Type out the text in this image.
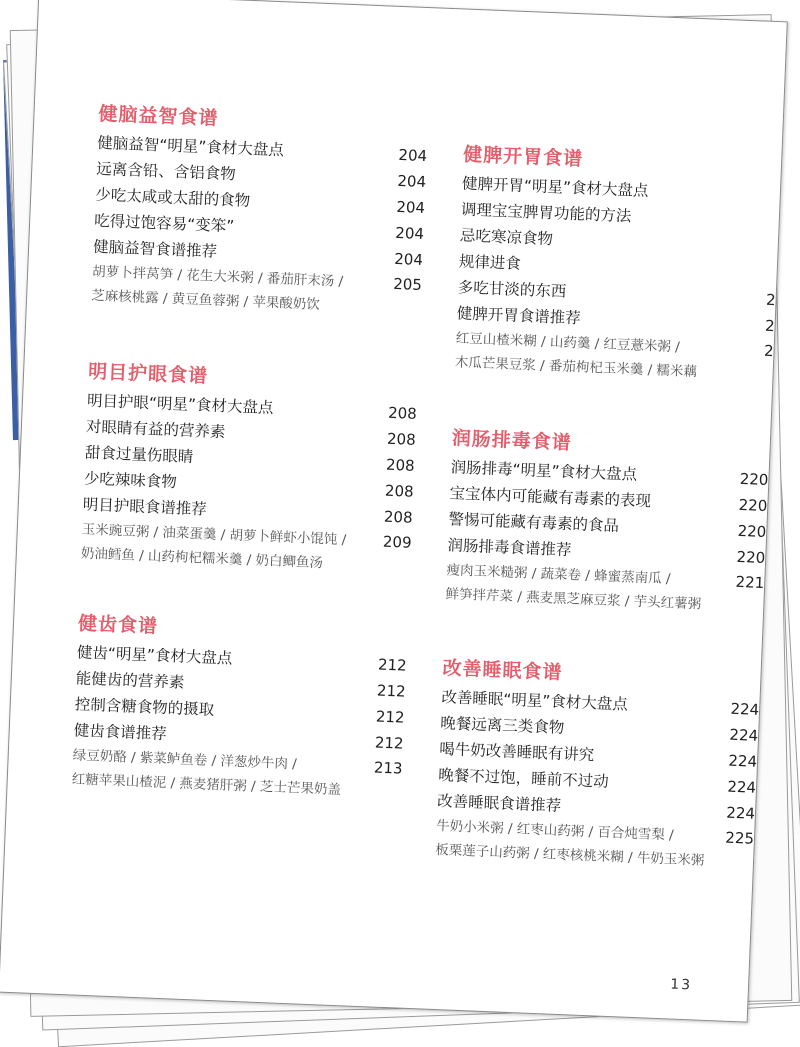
健脑益智食谱
健脑益智“明星”食材大盘点	204
远离含铅、含铝食物	204
少吃太咸或太甜的食物	204
吃得过饱容易“变笨”	204
健脑益智食谱推荐	204
胡萝卜拌莴笋 / 花生大米粥 / 番茄肝末汤 /	205
芝麻核桃露 / 黄豆鱼蓉粥 / 苹果酸奶饮
明目护眼食谱
明目护眼“明星”食材大盘点	208
对眼睛有益的营养素	208
甜食过量伤眼睛	208
少吃辣味食物	208
明目护眼食谱推荐	208
玉米豌豆粥 / 油菜蛋羹 / 胡萝卜鲜虾小馄饨 / 209
奶油鳕鱼 / 山药枸杞糯米羹 / 奶白鲫鱼汤
健齿食谱
健齿“明星”食材大盘点	212
能健齿的营养素	212
控制含糖食物的摄取	212
健齿食谱推荐	212
绿豆奶酪 / 紫菜鲈鱼卷 / 洋葱炒牛肉 /	213
红糖苹果山楂泥 / 燕麦猪肝粥 / 芝士芒果奶盖
健脾开胃食谱
健脾开胃“明星”食材大盘点
调理宝宝脾胃功能的方法
忌吃寒凉食物
规律进食
多吃甘淡的东西	2
健脾开胃食谱推荐	2
红豆山楂米糊 / 山药羹 / 红豆薏米粥 /	2
木瓜芒果豆浆 / 番茄枸杞玉米羹 / 糯米藕
润肠排毒食谱
润肠排毒“明星”食材大盘点	220
宝宝体内可能藏有毒素的表现	220
警惕可能藏有毒素的食品	220
润肠排毒食谱推荐	220
瘦肉玉米糙粥 / 蔬菜卷 / 蜂蜜蒸南瓜 /	221
鲜笋拌芹菜 / 燕麦黑芝麻豆浆 / 芋头红薯粥
改善睡眠食谱
改善睡眠“明星”食材大盘点	224
晚餐远离三类食物	224
喝牛奶改善睡眠有讲究	224
晚餐不过饱，睡前不过动	224
改善睡眠食谱推荐	224
牛奶小米粥 / 红枣山药粥 / 百合炖雪梨 /	225
板栗莲子山药粥 / 红枣核桃米糊 / 牛奶玉米粥
13
